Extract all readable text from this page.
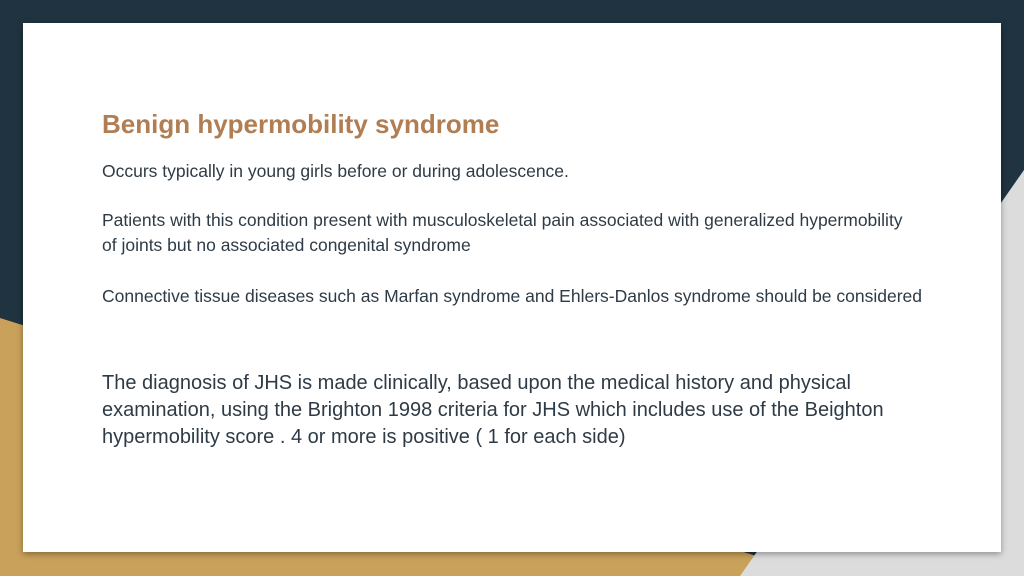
Benign hypermobility syndrome

Occurs typically in young girls before or during adolescence.

Patients with this condition present with musculoskeletal pain associated with generalized hypermobility of joints but no associated congenital syndrome

Connective tissue diseases such as Marfan syndrome and Ehlers-Danlos syndrome should be considered

The diagnosis of JHS is made clinically, based upon the medical history and physical examination, using the Brighton 1998 criteria for JHS which includes use of the Beighton hypermobility score . 4 or more is positive ( 1 for each side)
